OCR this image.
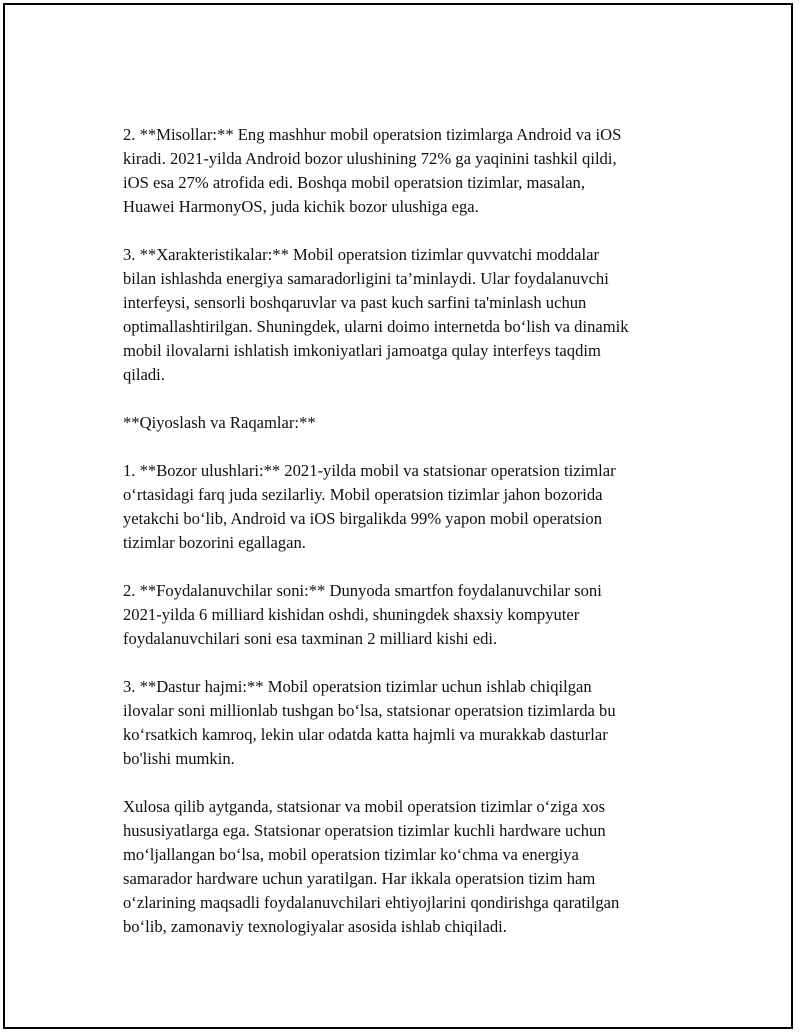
2. **Misollar:** Eng mashhur mobil operatsion tizimlarga Android va iOS
kiradi. 2021-yilda Android bozor ulushining 72% ga yaqinini tashkil qildi,
iOS esa 27% atrofida edi. Boshqa mobil operatsion tizimlar, masalan,
Huawei HarmonyOS, juda kichik bozor ulushiga ega.

3. **Xarakteristikalar:** Mobil operatsion tizimlar quvvatchi moddalar
bilan ishlashda energiya samaradorligini ta’minlaydi. Ular foydalanuvchi
interfeysi, sensorli boshqaruvlar va past kuch sarfini ta'minlash uchun
optimallashtirilgan. Shuningdek, ularni doimo internetda bo‘lish va dinamik
mobil ilovalarni ishlatish imkoniyatlari jamoatga qulay interfeys taqdim
qiladi.

**Qiyoslash va Raqamlar:**

1. **Bozor ulushlari:** 2021-yilda mobil va statsionar operatsion tizimlar
o‘rtasidagi farq juda sezilarliy. Mobil operatsion tizimlar jahon bozorida
yetakchi bo‘lib, Android va iOS birgalikda 99% yapon mobil operatsion
tizimlar bozorini egallagan.

2. **Foydalanuvchilar soni:** Dunyoda smartfon foydalanuvchilar soni
2021-yilda 6 milliard kishidan oshdi, shuningdek shaxsiy kompyuter
foydalanuvchilari soni esa taxminan 2 milliard kishi edi.

3. **Dastur hajmi:** Mobil operatsion tizimlar uchun ishlab chiqilgan
ilovalar soni millionlab tushgan bo‘lsa, statsionar operatsion tizimlarda bu
ko‘rsatkich kamroq, lekin ular odatda katta hajmli va murakkab dasturlar
bo'lishi mumkin.

Xulosa qilib aytganda, statsionar va mobil operatsion tizimlar o‘ziga xos
hususiyatlarga ega. Statsionar operatsion tizimlar kuchli hardware uchun
mo‘ljallangan bo‘lsa, mobil operatsion tizimlar ko‘chma va energiya
samarador hardware uchun yaratilgan. Har ikkala operatsion tizim ham
o‘zlarining maqsadli foydalanuvchilari ehtiyojlarini qondirishga qaratilgan
bo‘lib, zamonaviy texnologiyalar asosida ishlab chiqiladi.
